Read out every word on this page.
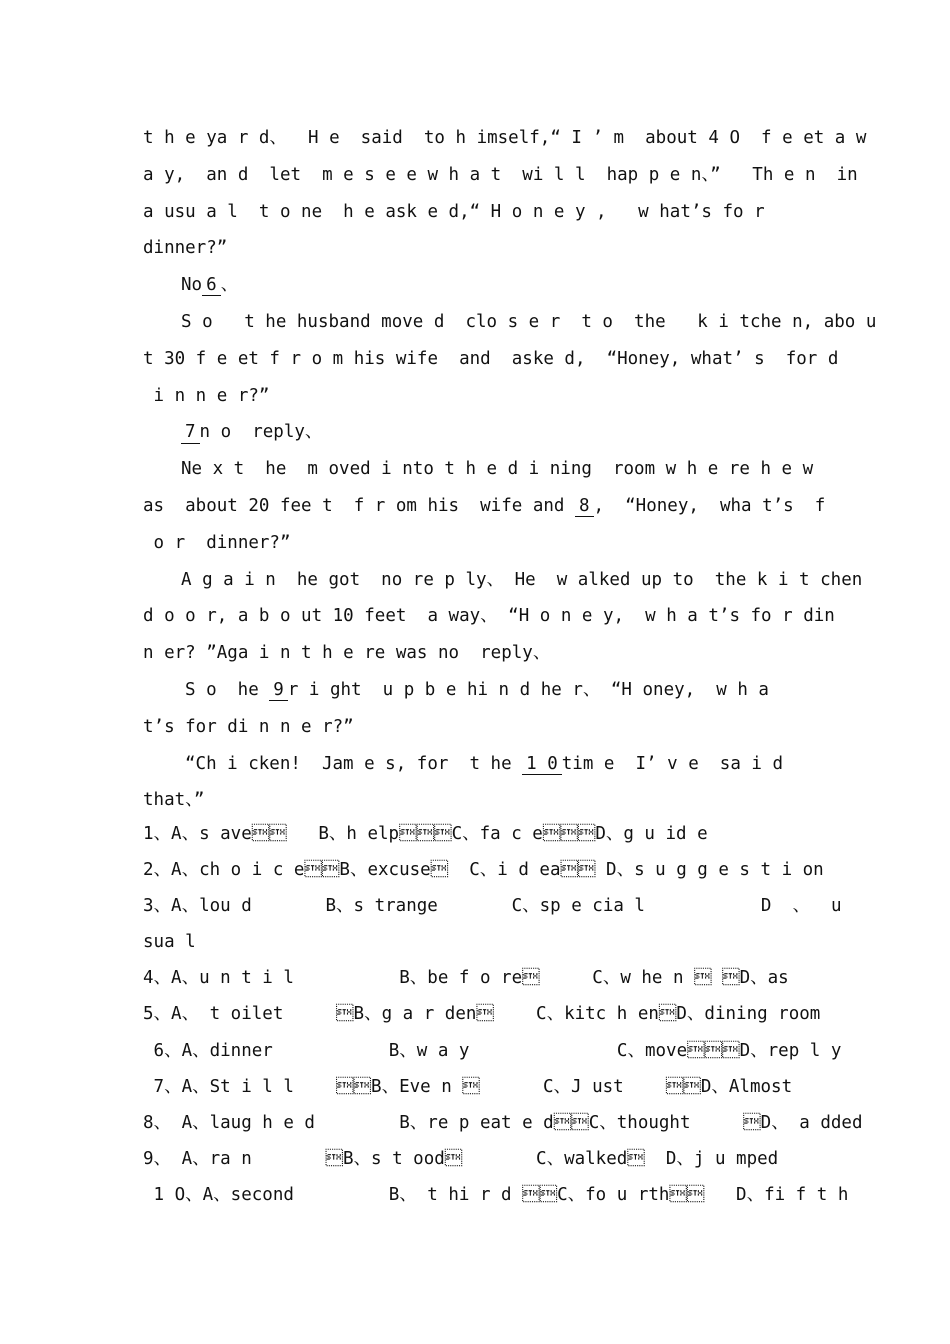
t h e ya r d、  H e  said  to h imself,“ I ’ m  about 4 O  f e et a w
a y,  an d  let  m e s e e w h a t  wi l l  hap p e n、”   Th e n  in
a usu a l  t o ne  h e ask e d,“ H o n e y ,   w hat’s fo r
dinner?”
No 6 、
S o   t he husband move d  clo s e r  t o  the   k i tche n, abo u
t 30 f e et f r o m his wife  and  aske d,  “Honey, what’ s  for d
i n n e r?”
7 n o  reply、
Ne x t  he  m oved i nto t h e d i ning  room w h e re h e w
as  about 20 fee t  f r om his  wife and 8 ,  “Honey,  wha t’s  f
o r  dinner?”
A g a i n  he got  no re p ly、 He  w alked up to  the k i t chen
d o o r, a b o ut 10 feet  a way、 “H o n e y,  w h a t’s fo r din
n er? ”Aga i n t h e re was no  reply、
S o  he 9 r i ght  u p b e hi n d he r、 “H oney,  w h a
t’s for di n n e r?”
“Ch i cken!  Jam e s, for  t he 1 0 tim e  I’ v e  sa i d
that、”
1、A、s ave   B、h elpC、fa c eD、g u id e
2、A、ch o i c eB、excuse  C、i d ea D、s u g g e s t i on
3、A、lou d       B、s trange       C、sp e cia l           D  、  u
sua l
4、A、u n t i l          B、be f o re     C、w he n  D、as
5、A、 t oilet     B、g a r den    C、kitc h enD、dining room
6、A、dinner           B、w a y              C、moveD、rep l y
7、A、St i l l    B、Eve n       C、J ust    D、Almost
8、 A、laug h e d        B、re p eat e dC、thought     D、 a dded
9、 A、ra n       B、s t ood       C、walked  D、j u mped
1 O、A、second         B、 t hi r d C、fo u rth   D、fi f t h
